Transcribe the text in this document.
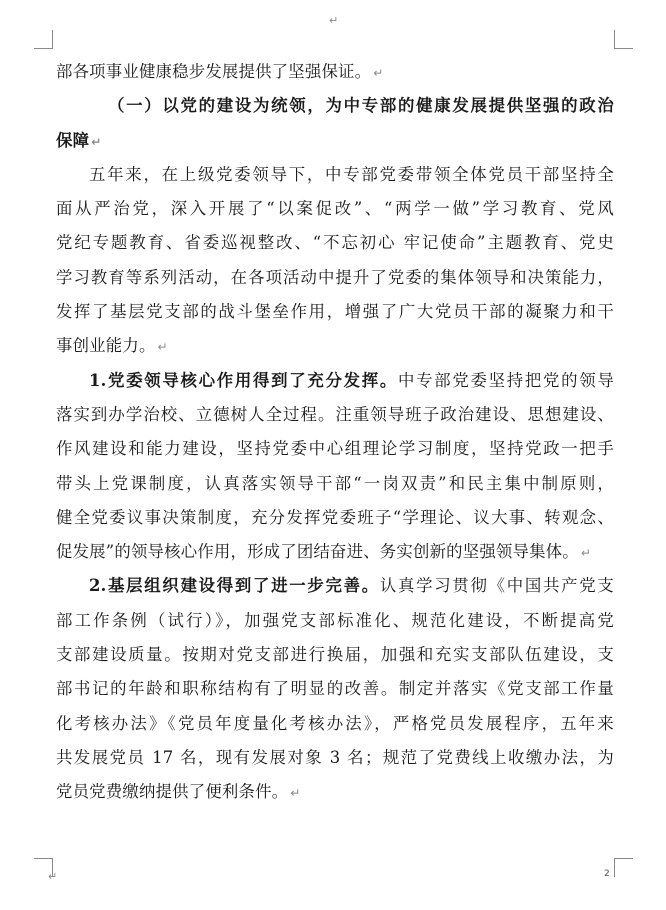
↵
部各项事业健康稳步发展提供了坚强保证。 ↵
（一）以党的建设为统领，为中专部的健康发展提供坚强的政治
保障 ↵
五年来，在上级党委领导下，中专部党委带领全体党员干部坚持全
面从严治党，深入开展了“以案促改”、“两学一做”学习教育、党风
党纪专题教育、省委巡视整改、“不忘初心 牢记使命”主题教育、党史
学习教育等系列活动，在各项活动中提升了党委的集体领导和决策能力，
发挥了基层党支部的战斗堡垒作用，增强了广大党员干部的凝聚力和干
事创业能力。 ↵
1.党委领导核心作用得到了充分发挥。中专部党委坚持把党的领导
落实到办学治校、立德树人全过程。注重领导班子政治建设、思想建设、
作风建设和能力建设，坚持党委中心组理论学习制度，坚持党政一把手
带头上党课制度，认真落实领导干部“一岗双责”和民主集中制原则，
健全党委议事决策制度，充分发挥党委班子“学理论、议大事、转观念、
促发展”的领导核心作用，形成了团结奋进、务实创新的坚强领导集体。 ↵
2.基层组织建设得到了进一步完善。认真学习贯彻《中国共产党支
部工作条例（试行）》，加强党支部标准化、规范化建设，不断提高党
支部建设质量。按期对党支部进行换届，加强和充实支部队伍建设，支
部书记的年龄和职称结构有了明显的改善。制定并落实《党支部工作量
化考核办法》《党员年度量化考核办法》，严格党员发展程序，五年来
共发展党员 17 名，现有发展对象 3 名；规范了党费线上收缴办法，为
党员党费缴纳提供了便利条件。 ↵
↵	2
